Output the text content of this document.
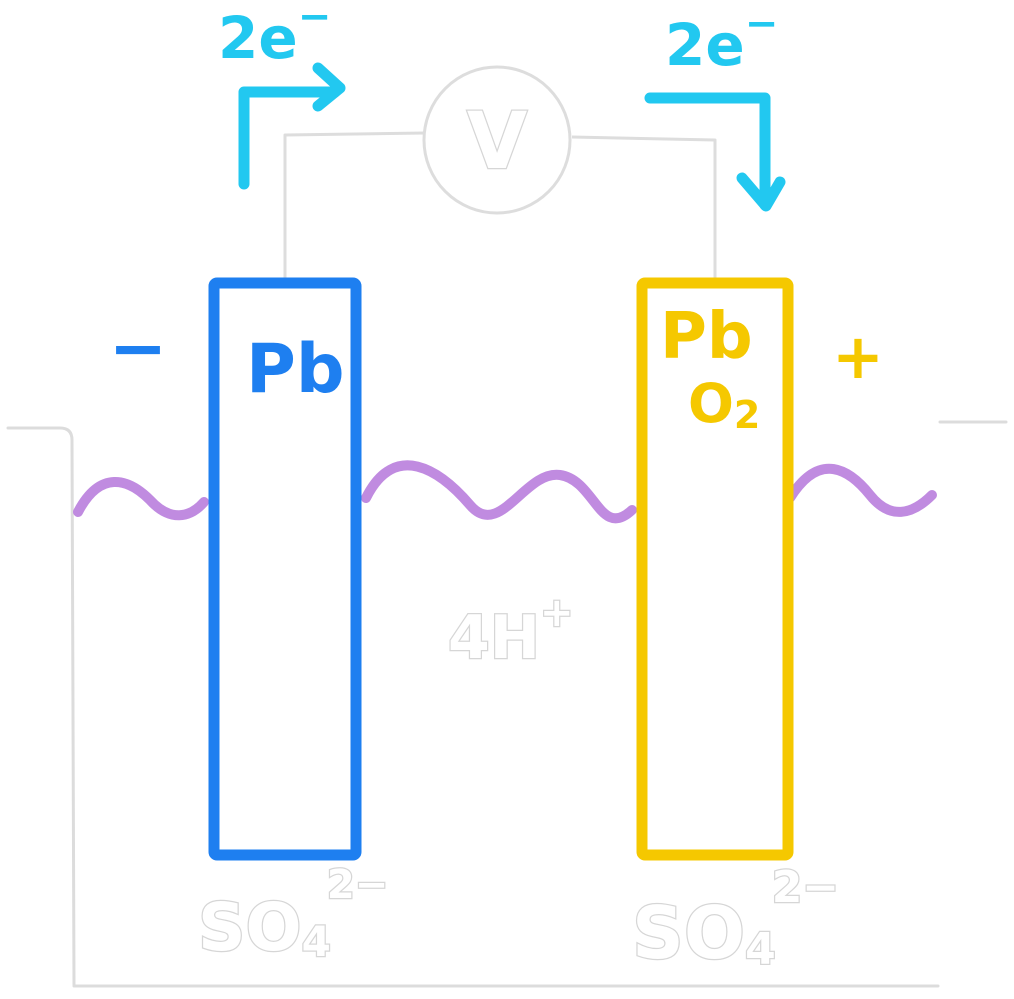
V
Pb
−	Pb
O2
+
2e−	2e−
4H+
SO42−
SO42−
